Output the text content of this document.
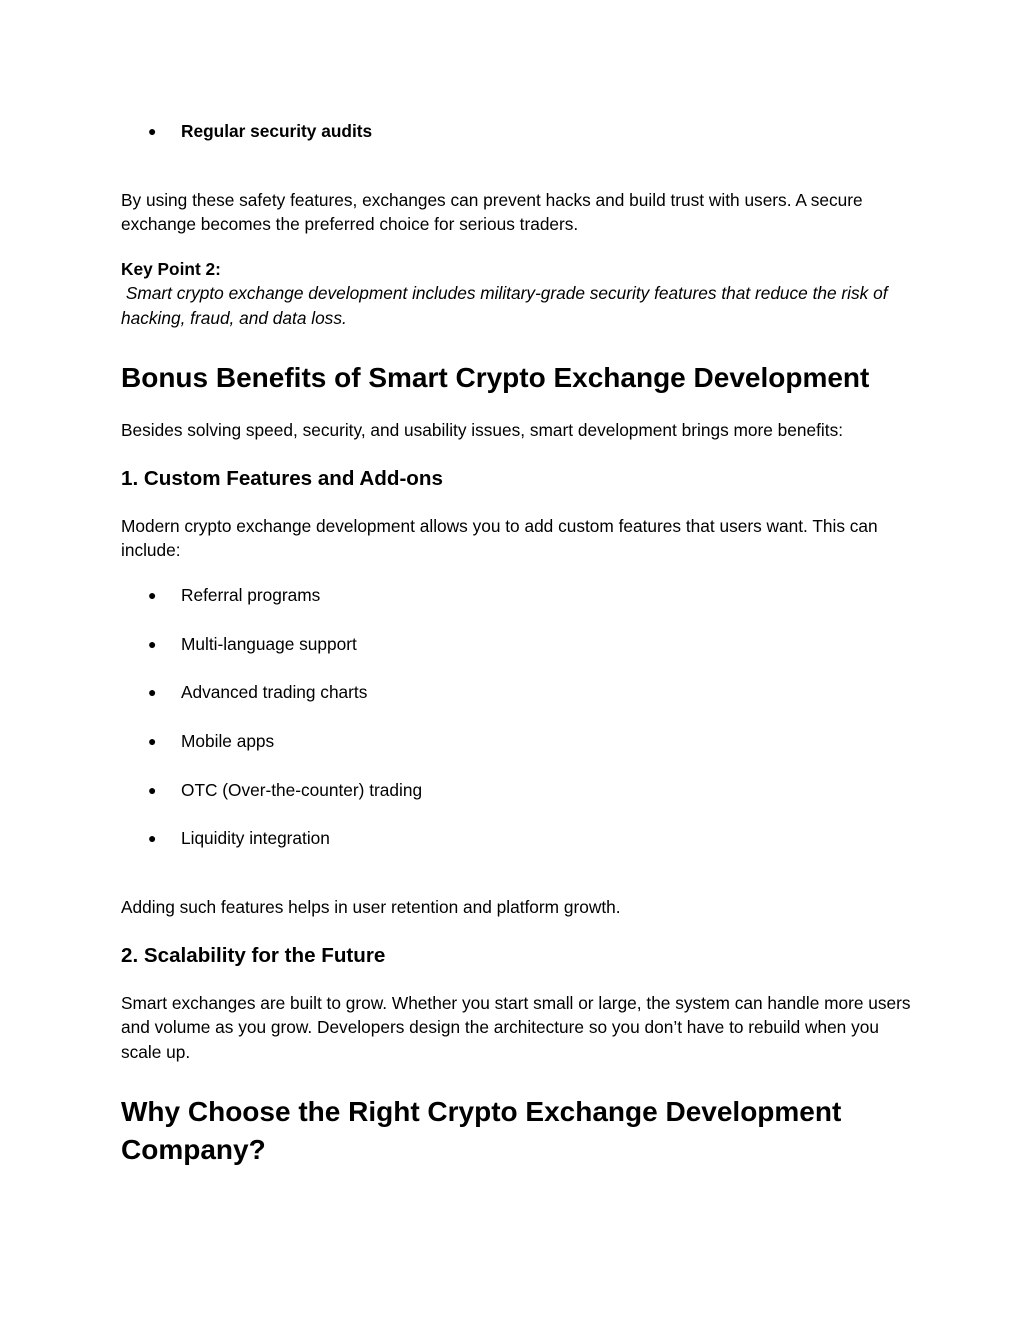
●	Regular security audits

By using these safety features, exchanges can prevent hacks and build trust with users. A secure exchange becomes the preferred choice for serious traders.

Key Point 2:
Smart crypto exchange development includes military-grade security features that reduce the risk of hacking, fraud, and data loss.
Bonus Benefits of Smart Crypto Exchange Development

Besides solving speed, security, and usability issues, smart development brings more benefits:

1. Custom Features and Add-ons

Modern crypto exchange development allows you to add custom features that users want. This can include:

●	Referral programs
●	Multi-language support
●	Advanced trading charts
●	Mobile apps
●	OTC (Over-the-counter) trading
●	Liquidity integration

Adding such features helps in user retention and platform growth.

2. Scalability for the Future

Smart exchanges are built to grow. Whether you start small or large, the system can handle more users and volume as you grow. Developers design the architecture so you don’t have to rebuild when you scale up.

Why Choose the Right Crypto Exchange Development Company?
